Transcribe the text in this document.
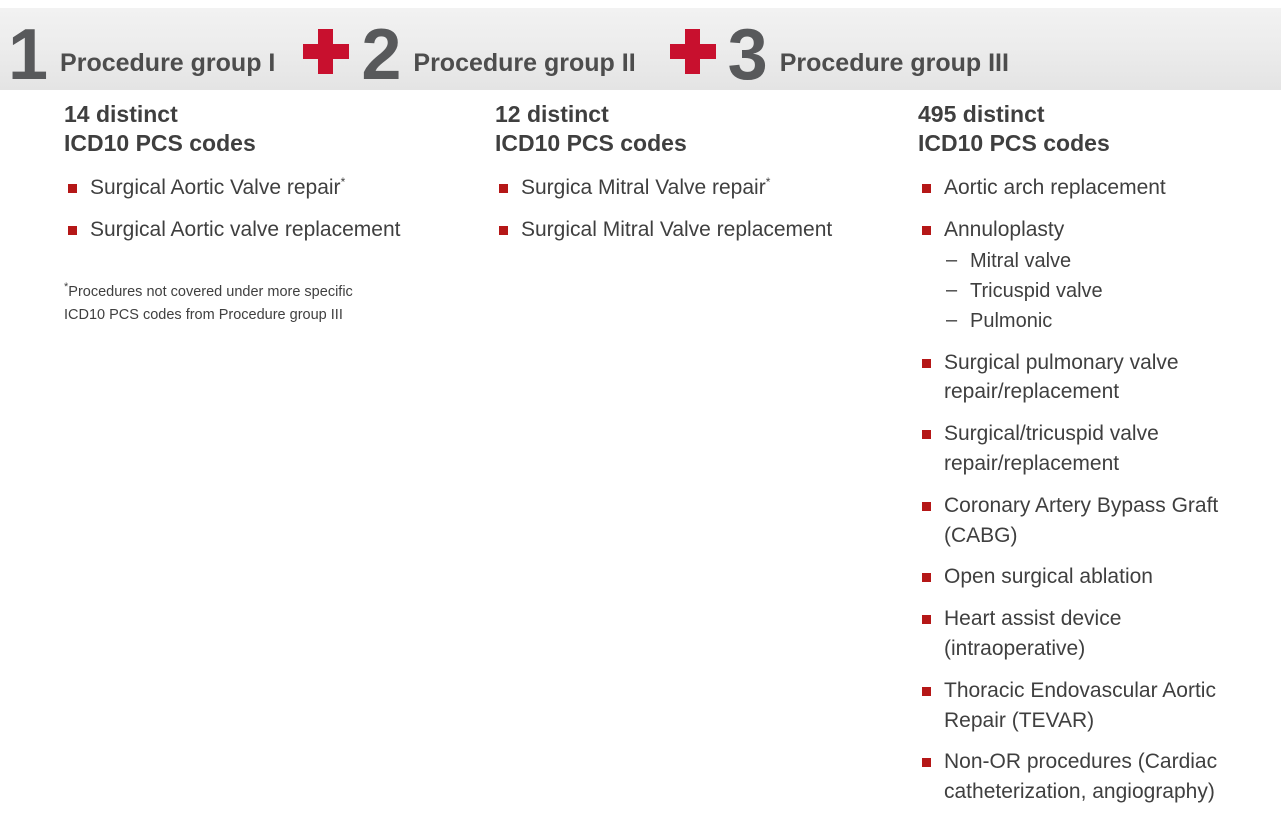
1 Procedure group I 2 Procedure group II 3 Procedure group III
14 distinct
ICD10 PCS codes
Surgical Aortic Valve repair*
Surgical Aortic valve replacement
*Procedures not covered under more specific ICD10 PCS codes from Procedure group III
12 distinct
ICD10 PCS codes
Surgica Mitral Valve repair*
Surgical Mitral Valve replacement
495 distinct
ICD10 PCS codes
Aortic arch replacement
Annuloplasty
– Mitral valve
– Tricuspid valve
– Pulmonic
Surgical pulmonary valve repair/replacement
Surgical/tricuspid valve repair/replacement
Coronary Artery Bypass Graft (CABG)
Open surgical ablation
Heart assist device (intraoperative)
Thoracic Endovascular Aortic Repair (TEVAR)
Non-OR procedures (Cardiac catheterization, angiography)
